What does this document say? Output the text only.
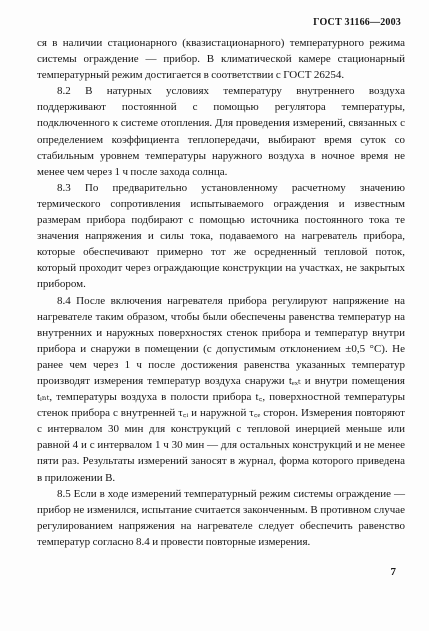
ГОСТ 31166—2003

ся в наличии стационарного (квазистационарного) температурного режима системы ограждение — прибор. В климатической камере стационарный температурный режим достигается в соответствии с ГОСТ 26254.

8.2 В натурных условиях температуру внутреннего воздуха поддерживают постоянной с помощью регулятора температуры, подключенного к системе отопления. Для проведения измерений, связанных с определением коэффициента теплопередачи, выбирают время суток со стабильным уровнем температуры наружного воздуха в ночное время не менее чем через 1 ч после захода солнца.

8.3 По предварительно установленному расчетному значению термического сопротивления испытываемого ограждения и известным размерам прибора подбирают с помощью источника постоянного тока те значения напряжения и силы тока, подаваемого на нагреватель прибора, которые обеспечивают примерно тот же осредненный тепловой поток, который проходит через ограждающие конструкции на участках, не закрытых прибором.

8.4 После включения нагревателя прибора регулируют напряжение на нагревателе таким образом, чтобы были обеспечены равенства температур на внутренних и наружных поверхностях стенок прибора и температур внутри прибора и снаружи в помещении (с допустимым отклонением ±0,5 °С). Не ранее чем через 1 ч после достижения равенства указанных температур производят измерения температур воздуха снаружи tₑₓₜ и внутри помещения tᵢₙₜ, температуры воздуха в полости прибора t꜀, поверхностной температуры стенок прибора с внутренней τ꜀ᵢ и наружной τ꜀ₑ сторон. Измерения повторяют с интервалом 30 мин для конструкций с тепловой инерцией меньше или равной 4 и с интервалом 1 ч 30 мин — для остальных конструкций и не менее пяти раз. Результаты измерений заносят в журнал, форма которого приведена в приложении В.

8.5 Если в ходе измерений температурный режим системы ограждение — прибор не изменился, испытание считается законченным. В противном случае регулированием напряжения на нагревателе следует обеспечить равенство температур согласно 8.4 и провести повторные измерения.

7
